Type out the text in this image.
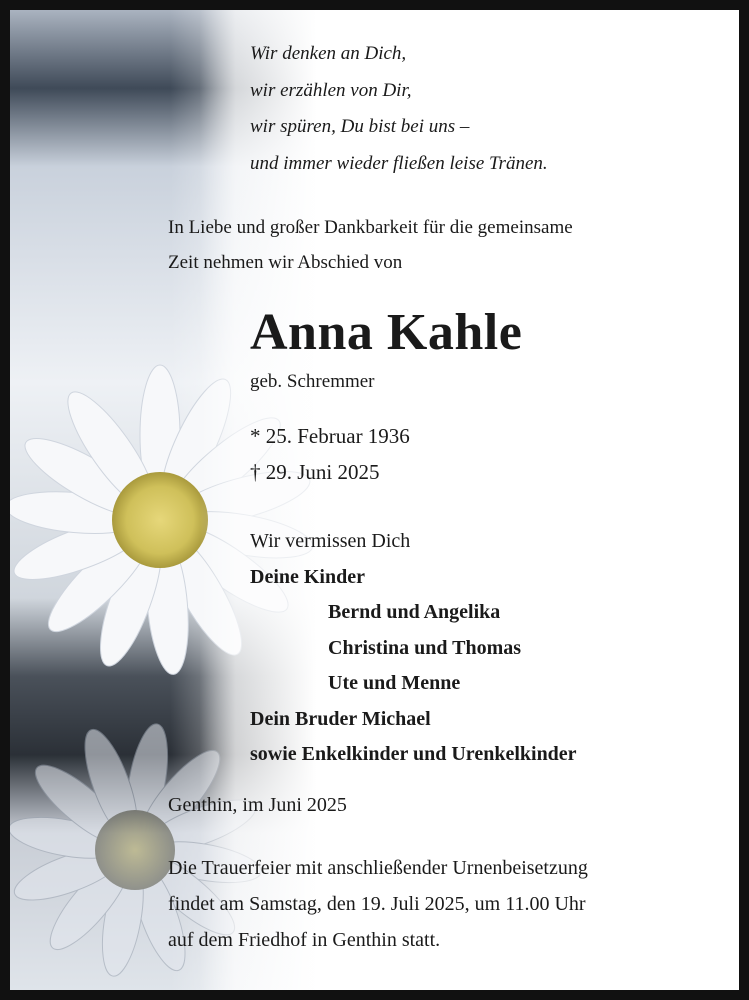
Wir denken an Dich,
wir erzählen von Dir,
wir spüren, Du bist bei uns –
und immer wieder fließen leise Tränen.
In Liebe und großer Dankbarkeit für die gemeinsame
Zeit nehmen wir Abschied von
Anna Kahle
geb. Schremmer
* 25. Februar 1936
† 29. Juni 2025
Wir vermissen Dich
Deine Kinder
Bernd und Angelika
Christina und Thomas
Ute und Menne
Dein Bruder Michael
sowie Enkelkinder und Urenkelkinder
Genthin, im Juni 2025
Die Trauerfeier mit anschließender Urnenbeisetzung
findet am Samstag, den 19. Juli 2025, um 11.00 Uhr
auf dem Friedhof in Genthin statt.
